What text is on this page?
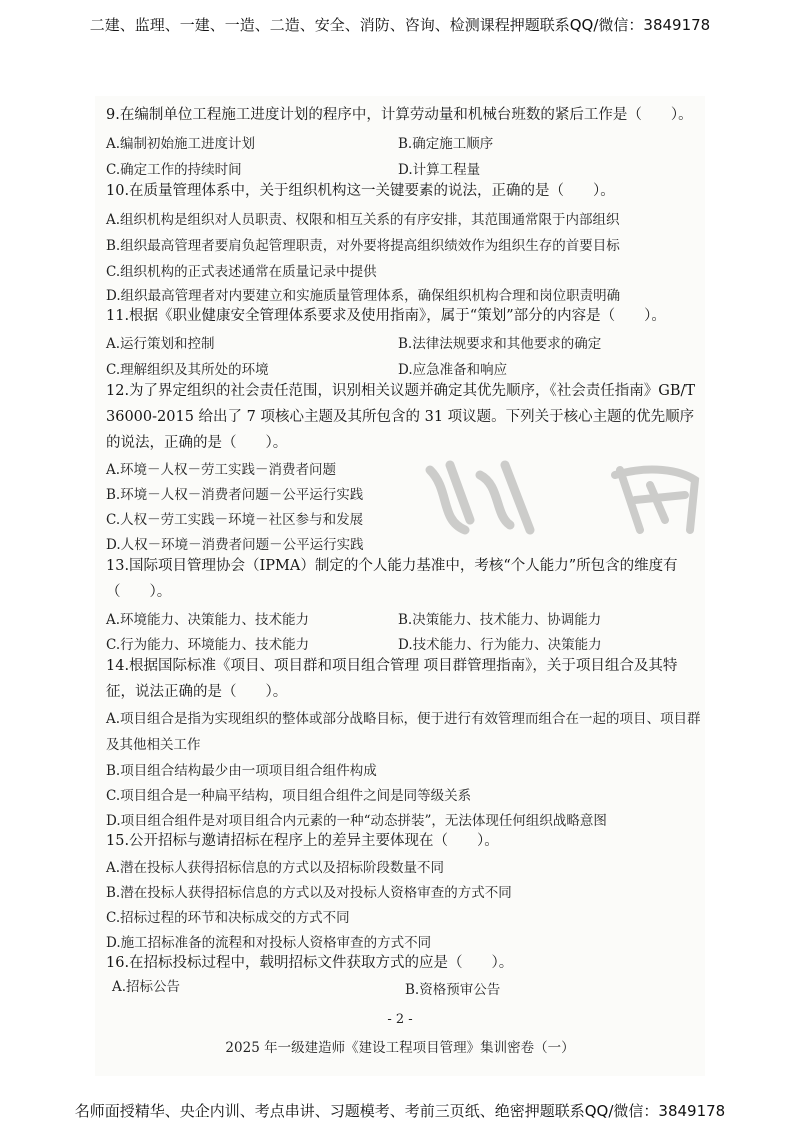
二建、监理、一建、一造、二造、安全、消防、咨询、检测课程押题联系QQ/微信：3849178

9.在编制单位工程施工进度计划的程序中，计算劳动量和机械台班数的紧后工作是（　　）。
A.编制初始施工进度计划	B.确定施工顺序
C.确定工作的持续时间	D.计算工程量
10.在质量管理体系中，关于组织机构这一关键要素的说法，正确的是（　　）。
A.组织机构是组织对人员职责、权限和相互关系的有序安排，其范围通常限于内部组织
B.组织最高管理者要肩负起管理职责，对外要将提高组织绩效作为组织生存的首要目标
C.组织机构的正式表述通常在质量记录中提供
D.组织最高管理者对内要建立和实施质量管理体系，确保组织机构合理和岗位职责明确
11.根据《职业健康安全管理体系要求及使用指南》，属于“策划”部分的内容是（　　）。
A.运行策划和控制	B.法律法规要求和其他要求的确定
C.理解组织及其所处的环境	D.应急准备和响应
12.为了界定组织的社会责任范围，识别相关议题并确定其优先顺序，《社会责任指南》GB/T 36000-2015 给出了 7 项核心主题及其所包含的 31 项议题。下列关于核心主题的优先顺序的说法，正确的是（　　）。
A.环境－人权－劳工实践－消费者问题
B.环境－人权－消费者问题－公平运行实践
C.人权－劳工实践－环境－社区参与和发展
D.人权－环境－消费者问题－公平运行实践
13.国际项目管理协会（IPMA）制定的个人能力基准中，考核“个人能力”所包含的维度有（　　）。
A.环境能力、决策能力、技术能力	B.决策能力、技术能力、协调能力
C.行为能力、环境能力、技术能力	D.技术能力、行为能力、决策能力
14.根据国际标准《项目、项目群和项目组合管理 项目群管理指南》，关于项目组合及其特征，说法正确的是（　　）。
A.项目组合是指为实现组织的整体或部分战略目标，便于进行有效管理而组合在一起的项目、项目群及其他相关工作
B.项目组合结构最少由一项项目组合组件构成
C.项目组合是一种扁平结构，项目组合组件之间是同等级关系
D.项目组合组件是对项目组合内元素的一种“动态拼装”，无法体现任何组织战略意图
15.公开招标与邀请招标在程序上的差异主要体现在（　　）。
A.潜在投标人获得招标信息的方式以及招标阶段数量不同
B.潜在投标人获得招标信息的方式以及对投标人资格审查的方式不同
C.招标过程的环节和决标成交的方式不同
D.施工招标准备的流程和对投标人资格审查的方式不同
16.在招标投标过程中，载明招标文件获取方式的应是（　　）。
A.招标公告	B.资格预审公告
- 2 -
2025 年一级建造师《建设工程项目管理》集训密卷（一）
名师面授精华、央企内训、考点串讲、习题模考、考前三页纸、绝密押题联系QQ/微信：3849178
